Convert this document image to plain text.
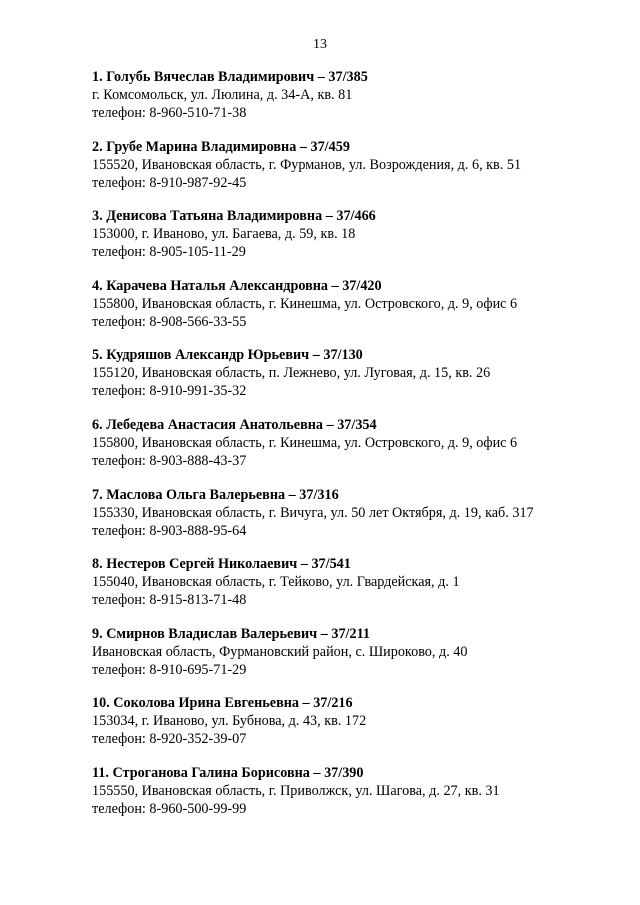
13
1. Голубь Вячеслав Владимирович – 37/385
г. Комсомольск, ул. Люлина, д. 34-А, кв. 81
телефон: 8-960-510-71-38
2. Грубе Марина Владимировна – 37/459
155520, Ивановская область, г. Фурманов, ул. Возрождения, д. 6, кв. 51
телефон: 8-910-987-92-45
3. Денисова Татьяна Владимировна – 37/466
153000, г. Иваново, ул. Багаева, д. 59, кв. 18
телефон: 8-905-105-11-29
4. Карачева Наталья Александровна – 37/420
155800, Ивановская область, г. Кинешма, ул. Островского, д. 9, офис 6
телефон: 8-908-566-33-55
5. Кудряшов Александр Юрьевич – 37/130
155120, Ивановская область, п. Лежнево, ул. Луговая, д. 15, кв. 26
телефон: 8-910-991-35-32
6. Лебедева Анастасия Анатольевна – 37/354
155800, Ивановская область, г. Кинешма, ул. Островского, д. 9, офис 6
телефон: 8-903-888-43-37
7. Маслова Ольга Валерьевна – 37/316
155330, Ивановская область, г. Вичуга, ул. 50 лет Октября, д. 19, каб. 317
телефон: 8-903-888-95-64
8. Нестеров Сергей Николаевич – 37/541
155040, Ивановская область, г. Тейково, ул. Гвардейская, д. 1
телефон: 8-915-813-71-48
9. Смирнов Владислав Валерьевич – 37/211
Ивановская область, Фурмановский район, с. Широково, д. 40
телефон: 8-910-695-71-29
10. Соколова Ирина Евгеньевна – 37/216
153034, г. Иваново, ул. Бубнова, д. 43, кв. 172
телефон: 8-920-352-39-07
11. Строганова Галина Борисовна – 37/390
155550, Ивановская область, г. Приволжск, ул. Шагова, д. 27, кв. 31
телефон: 8-960-500-99-99
